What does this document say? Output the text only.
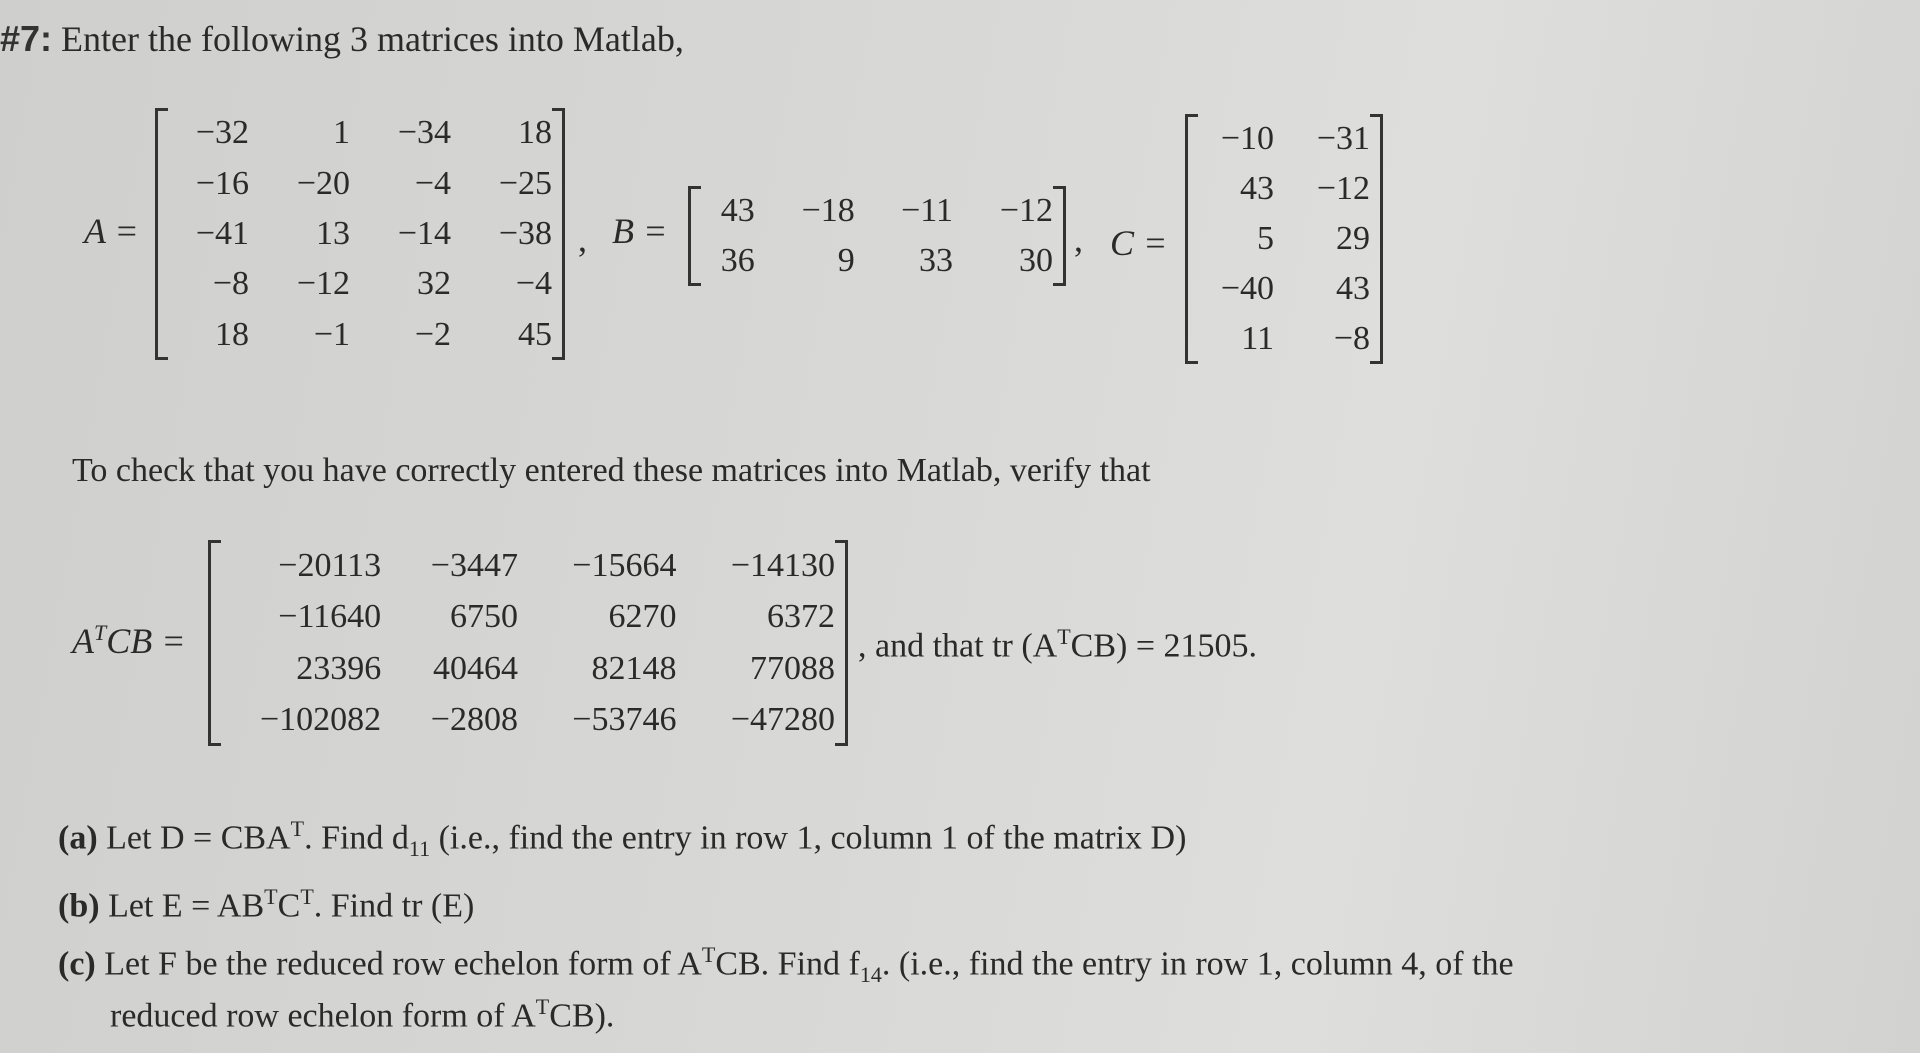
#7: Enter the following 3 matrices into Matlab,
A =
−32	1	−34	18
−16	−20	−4	−25
−41	13	−14	−38
−8	−12	32	−4
18	−1	−2	45
, B =
43	−18	−11	−12
36	9	33	30
, C =
−10	−31
43	−12
5	29
−40	43
11	−8
To check that you have correctly entered these matrices into Matlab, verify that
$A^TCB$ =
−20113	−3447	−15664	−14130
−11640	6750	6270	6372
23396	40464	82148	77088
−102082	−2808	−53746	−47280
, and that tr $(A^TCB) = 21505$.
(a) Let $D = CBA^T$. Find $d_{11}$ (i.e., find the entry in row 1, column 1 of the matrix D)
(b) Let $E = AB^TC^T$. Find tr (E)
(c) Let F be the reduced row echelon form of $A^TCB$. Find $f_{14}$. (i.e., find the entry in row 1, column 4, of the
reduced row echelon form of $A^TCB$).
